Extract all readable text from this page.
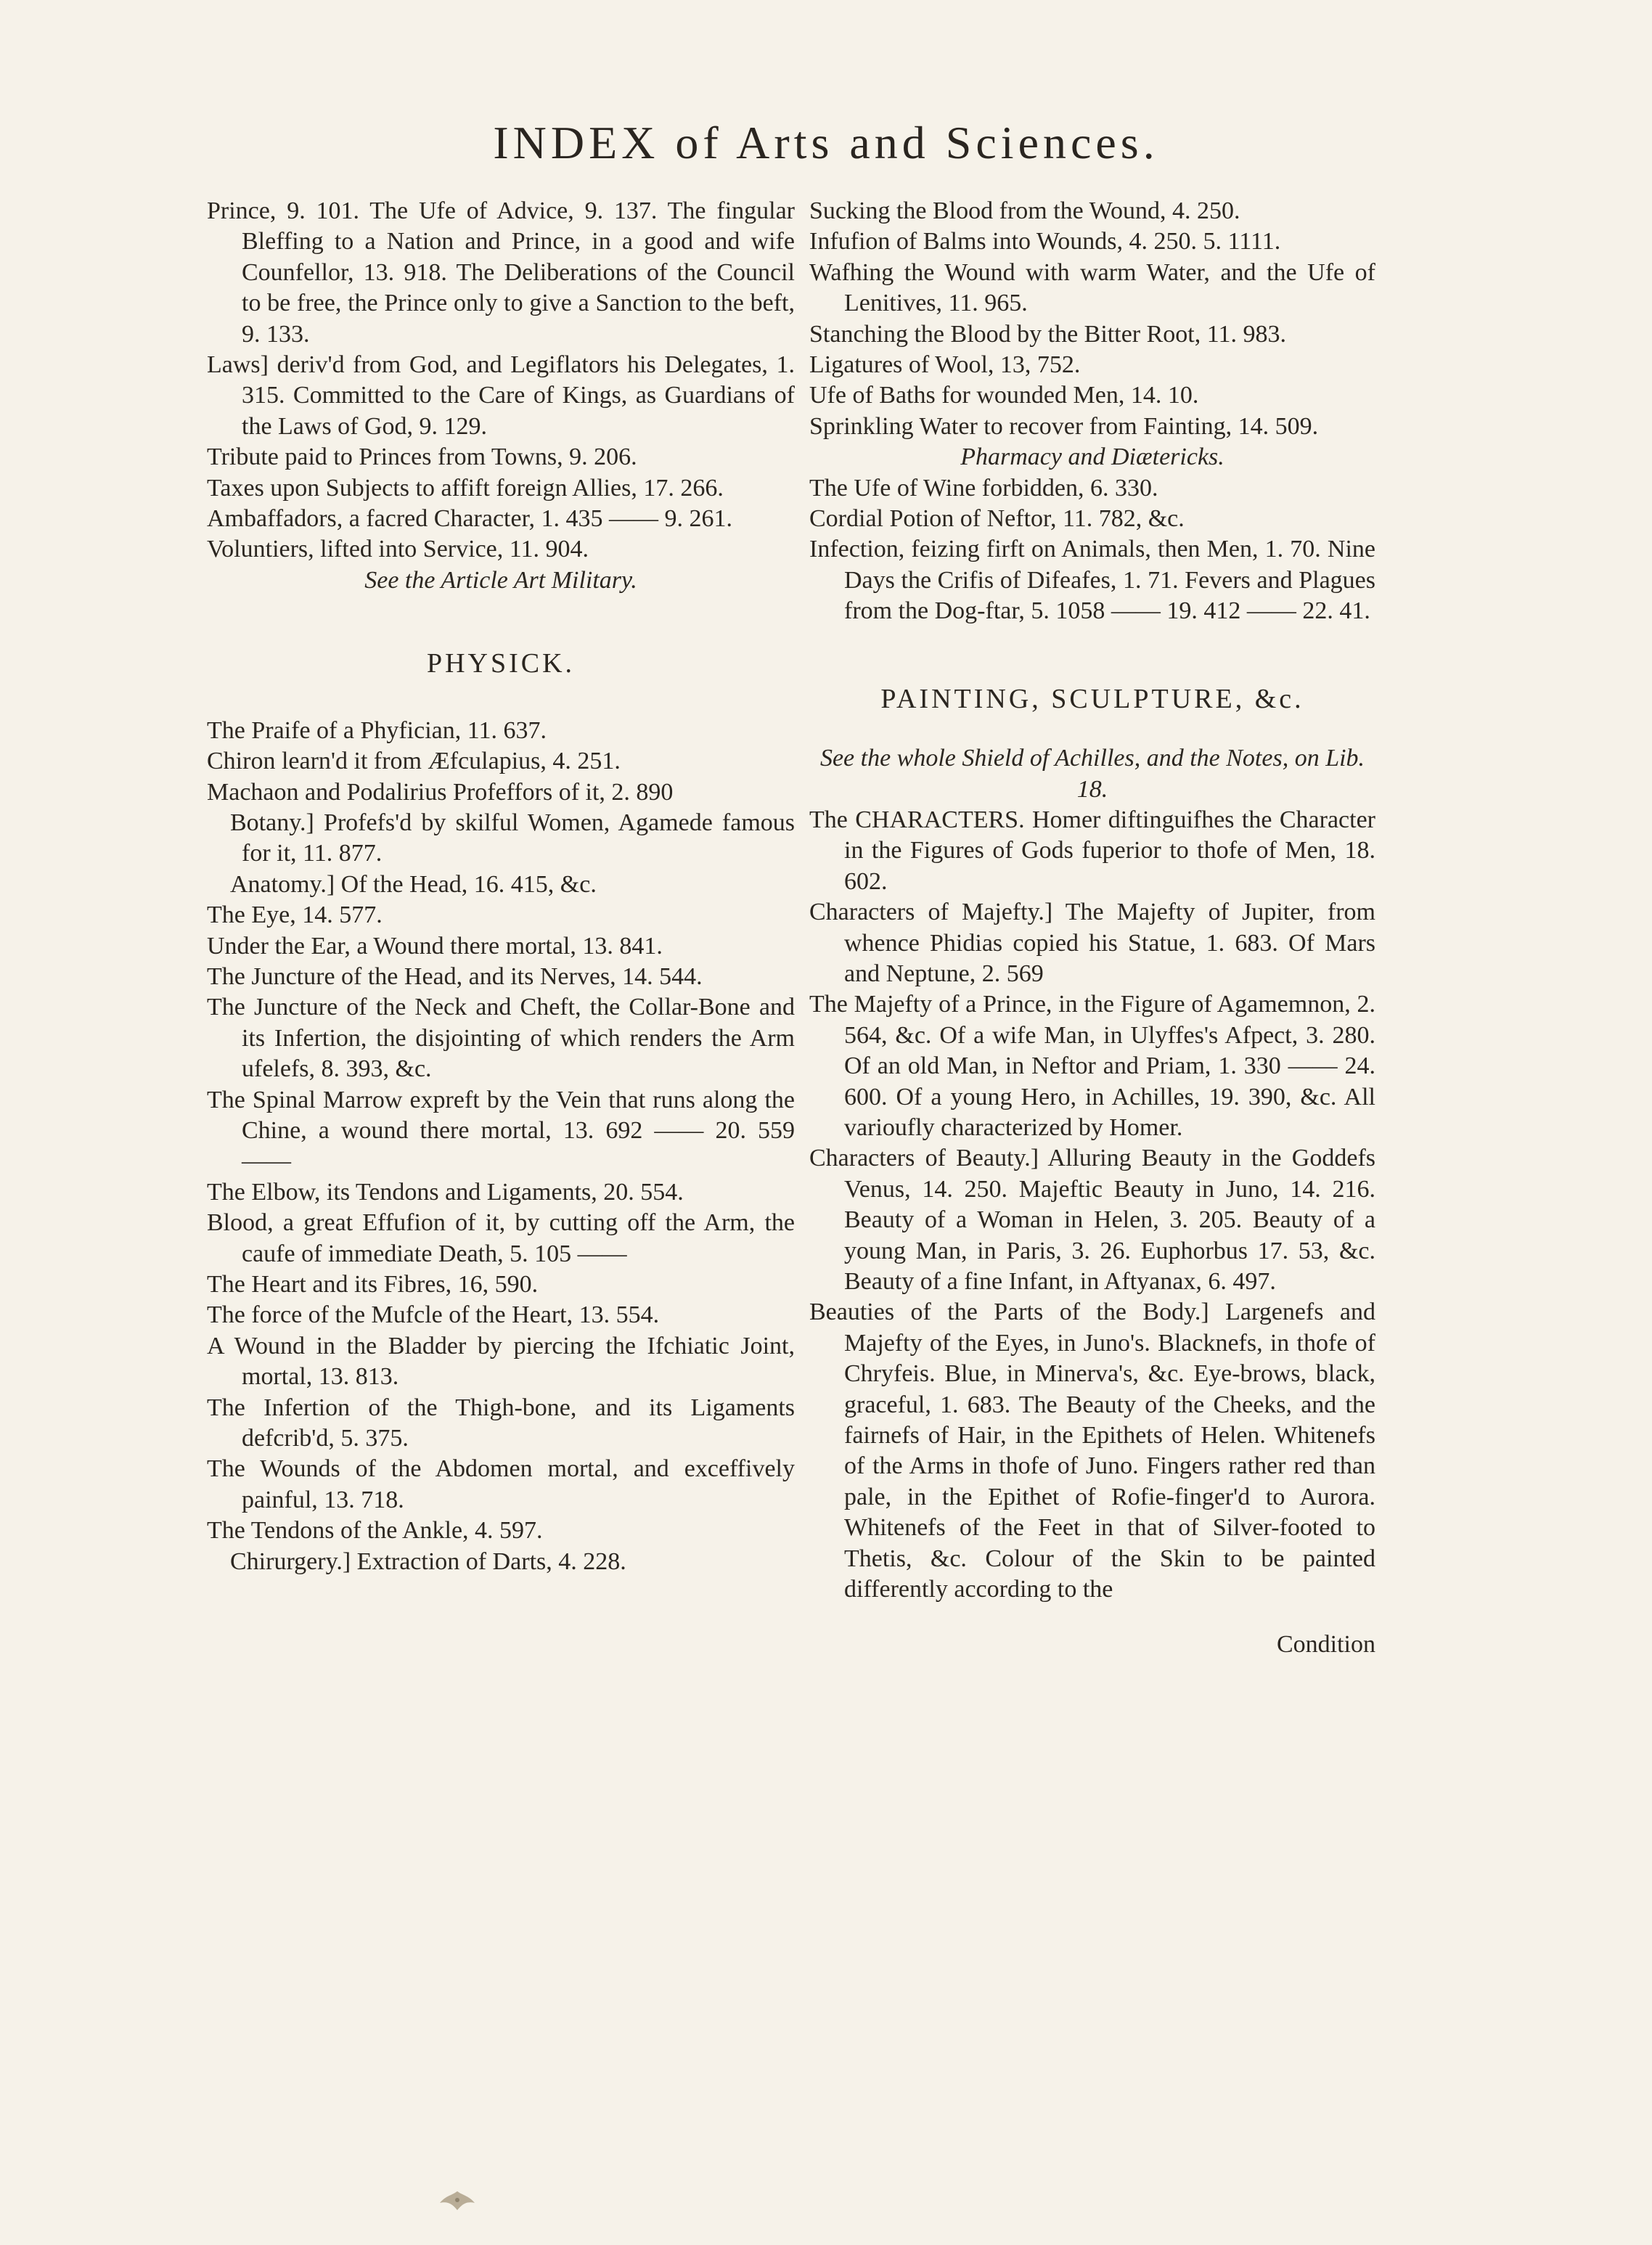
INDEX of Arts and Sciences.

Prince, 9. 101. The Ufe of Advice, 9. 137. The fingular Bleffing to a Nation and Prince, in a good and wife Counfellor, 13. 918. The Deliberations of the Council to be free, the Prince only to give a Sanction to the beft, 9. 133.

Laws] deriv'd from God, and Legiflators his Delegates, 1. 315. Committed to the Care of Kings, as Guardians of the Laws of God, 9. 129.

Tribute paid to Princes from Towns, 9. 206.

Taxes upon Subjects to affift foreign Allies, 17. 266.

Ambaffadors, a facred Character, 1. 435 —— 9. 261.

Voluntiers, lifted into Service, 11. 904.

See the Article Art Military.

PHYSICK.

The Praife of a Phyfician, 11. 637.

Chiron learn'd it from Æfculapius, 4. 251.

Machaon and Podalirius Profeffors of it, 2. 890

Botany.] Profefs'd by skilful Women, Agamede famous for it, 11. 877.

Anatomy.] Of the Head, 16. 415, &c.

The Eye, 14. 577.

Under the Ear, a Wound there mortal, 13. 841.

The Juncture of the Head, and its Nerves, 14. 544.

The Juncture of the Neck and Cheft, the Collar-Bone and its Infertion, the disjointing of which renders the Arm ufelefs, 8. 393, &c.

The Spinal Marrow expreft by the Vein that runs along the Chine, a wound there mortal, 13. 692 —— 20. 559 ——

The Elbow, its Tendons and Ligaments, 20. 554.

Blood, a great Effufion of it, by cutting off the Arm, the caufe of immediate Death, 5. 105 ——

The Heart and its Fibres, 16, 590.

The force of the Mufcle of the Heart, 13. 554.

A Wound in the Bladder by piercing the Ifchiatic Joint, mortal, 13. 813.

The Infertion of the Thigh-bone, and its Ligaments defcrib'd, 5. 375.

The Wounds of the Abdomen mortal, and exceffively painful, 13. 718.

The Tendons of the Ankle, 4. 597.

Chirurgery.] Extraction of Darts, 4. 228.

Sucking the Blood from the Wound, 4. 250.

Infufion of Balms into Wounds, 4. 250. 5. 1111.

Wafhing the Wound with warm Water, and the Ufe of Lenitives, 11. 965.

Stanching the Blood by the Bitter Root, 11. 983.

Ligatures of Wool, 13, 752.

Ufe of Baths for wounded Men, 14. 10.

Sprinkling Water to recover from Fainting, 14. 509.

Pharmacy and Diætericks.

The Ufe of Wine forbidden, 6. 330.

Cordial Potion of Neftor, 11. 782, &c.

Infection, feizing firft on Animals, then Men, 1. 70. Nine Days the Crifis of Difeafes, 1. 71. Fevers and Plagues from the Dog-ftar, 5. 1058 —— 19. 412 —— 22. 41.

PAINTING, SCULPTURE, &c.

See the whole Shield of Achilles, and the Notes, on Lib. 18.

The CHARACTERS. Homer diftinguifhes the Character in the Figures of Gods fuperior to thofe of Men, 18. 602.

Characters of Majefty.] The Majefty of Jupiter, from whence Phidias copied his Statue, 1. 683. Of Mars and Neptune, 2. 569

The Majefty of a Prince, in the Figure of Agamemnon, 2. 564, &c. Of a wife Man, in Ulyffes's Afpect, 3. 280. Of an old Man, in Neftor and Priam, 1. 330 —— 24. 600. Of a young Hero, in Achilles, 19. 390, &c. All varioufly characterized by Homer.

Characters of Beauty.] Alluring Beauty in the Goddefs Venus, 14. 250. Majeftic Beauty in Juno, 14. 216. Beauty of a Woman in Helen, 3. 205. Beauty of a young Man, in Paris, 3. 26. Euphorbus 17. 53, &c. Beauty of a fine Infant, in Aftyanax, 6. 497.

Beauties of the Parts of the Body.] Largenefs and Majefty of the Eyes, in Juno's. Blacknefs, in thofe of Chryfeis. Blue, in Minerva's, &c. Eye-brows, black, graceful, 1. 683. The Beauty of the Cheeks, and the fairnefs of Hair, in the Epithets of Helen. Whitenefs of the Arms in thofe of Juno. Fingers rather red than pale, in the Epithet of Rofie-finger'd to Aurora. Whitenefs of the Feet in that of Silver-footed to Thetis, &c. Colour of the Skin to be painted differently according to the

Condition
